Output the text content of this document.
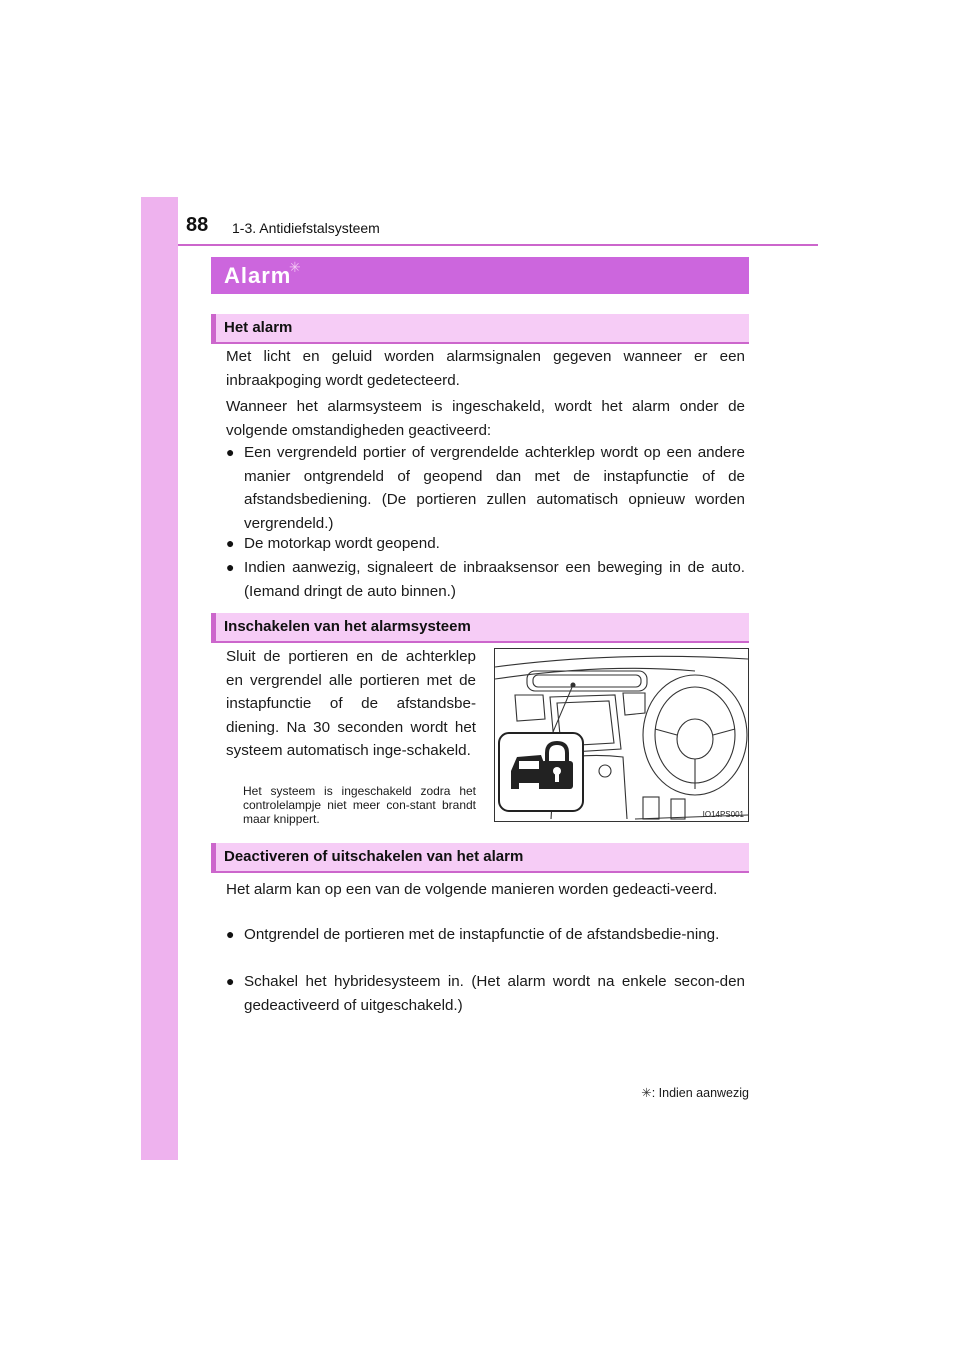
88 1-3. Antidiefstalsysteem
Alarm
✳
Het alarm
Met licht en geluid worden alarmsignalen gegeven wanneer er een inbraakpoging wordt gedetecteerd.
Wanneer het alarmsysteem is ingeschakeld, wordt het alarm onder de volgende omstandigheden geactiveerd:
● Een vergrendeld portier of vergrendelde achterklep wordt op een andere manier ontgrendeld of geopend dan met de instapfunctie of de afstandsbediening. (De portieren zullen automatisch opnieuw worden vergrendeld.)
● De motorkap wordt geopend.
● Indien aanwezig, signaleert de inbraaksensor een beweging in de auto. (Iemand dringt de auto binnen.)
Inschakelen van het alarmsysteem
Sluit de portieren en de achterklep en vergrendel alle portieren met de instapfunctie of de afstandsbe-diening. Na 30 seconden wordt het systeem automatisch inge-schakeld.
Het systeem is ingeschakeld zodra het controlelampje niet meer con-stant brandt maar knippert.	IO14PS001
Deactiveren of uitschakelen van het alarm
Het alarm kan op een van de volgende manieren worden gedeacti-veerd.
● Ontgrendel de portieren met de instapfunctie of de afstandsbedie-ning.
● Schakel het hybridesysteem in. (Het alarm wordt na enkele secon-den gedeactiveerd of uitgeschakeld.)
✳: Indien aanwezig
